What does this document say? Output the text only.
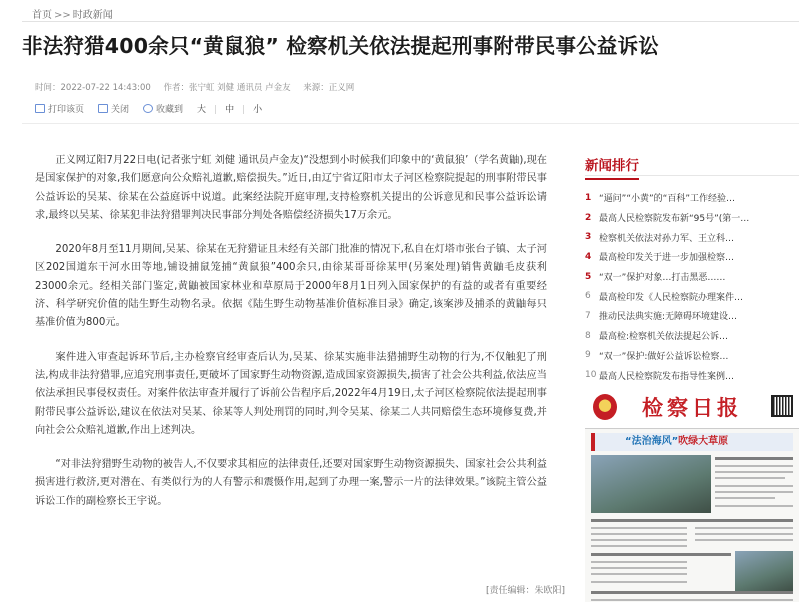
首页 >> 时政新闻
非法狩猎400余只“黄鼠狼” 检察机关依法提起刑事附带民事公益诉讼
时间：2022-07-22 14:43:00 作者：张宁虹 刘健 通讯员 卢金友 来源：正义网
打印该页	关闭	收藏到 大 | 中 | 小

正义网辽阳7月22日电(记者张宁虹 刘健 通讯员卢金友)“没想到小时候我们印象中的‘黄鼠狼’（学名黄鼬),现在是国家保护的对象,我们愿意向公众赔礼道歉,赔偿损失。”近日,由辽宁省辽阳市太子河区检察院提起的刑事附带民事公益诉讼的吴某、徐某在公益庭诉中说道。此案经法院开庭审理,支持检察机关提出的公诉意见和民事公益诉讼请求,最终以吴某、徐某犯非法狩猎罪判决民事部分判处各赔偿经济损失17万余元。

2020年8月至11月期间,吴某、徐某在无狩猎证且未经有关部门批准的情况下,私自在灯塔市张台子镇、太子河区202国道东干河水田等地,铺设捕鼠笼捕“黄鼠狼”400余只,由徐某哥哥徐某甲(另案处理)销售黄鼬毛皮获利23000余元。经相关部门鉴定,黄鼬被国家林业和草原局于2000年8月1日列入国家保护的有益的或者有重要经济、科学研究价值的陆生野生动物名录。依据《陆生野生动物基准价值标准目录》确定,该案涉及捕杀的黄鼬每只基准价值为800元。

案件进入审查起诉环节后,主办检察官经审查后认为,吴某、徐某实施非法猎捕野生动物的行为,不仅触犯了刑法,构成非法狩猎罪,应追究刑事责任,更破坏了国家野生动物资源,造成国家资源损失,损害了社会公共利益,依法应当依法承担民事侵权责任。对案件依法审查并履行了诉前公告程序后,2022年4月19日,太子河区检察院依法提起刑事附带民事公益诉讼,建议在依法对吴某、徐某等人判处刑罚的同时,判令吴某、徐某二人共同赔偿生态环境修复费,并向社会公众赔礼道歉,作出上述判决。

“对非法狩猎野生动物的被告人,不仅要求其相应的法律责任,还要对国家野生动物资源损失、国家社会公共利益损害进行救济,更对潜在、有类似行为的人有警示和震慑作用,起到了办理一案,警示一片的法律效果。”该院主管公益诉讼工作的副检察长王宇说。

[责任编辑：朱欧阳]
新闻排行
1 “逼问”“小黄”的“百科”工作经验…
2 最高人民检察院发布新“95号”(第一…
3 检察机关依法对孙力军、王立科…
4 最高检印发关于进一步加强检察…
5 “双一”保护对象…打击黑恶……
6 最高检印发《人民检察院办理案件…
7 推动民法典实施:无障碍环境建设…
8 最高检:检察机关依法提起公诉…
9 “双一”保护:做好公益诉讼检察…
10 最高人民检察院发布指导性案例…
检察日报
“法治海风”吹绿大草原
